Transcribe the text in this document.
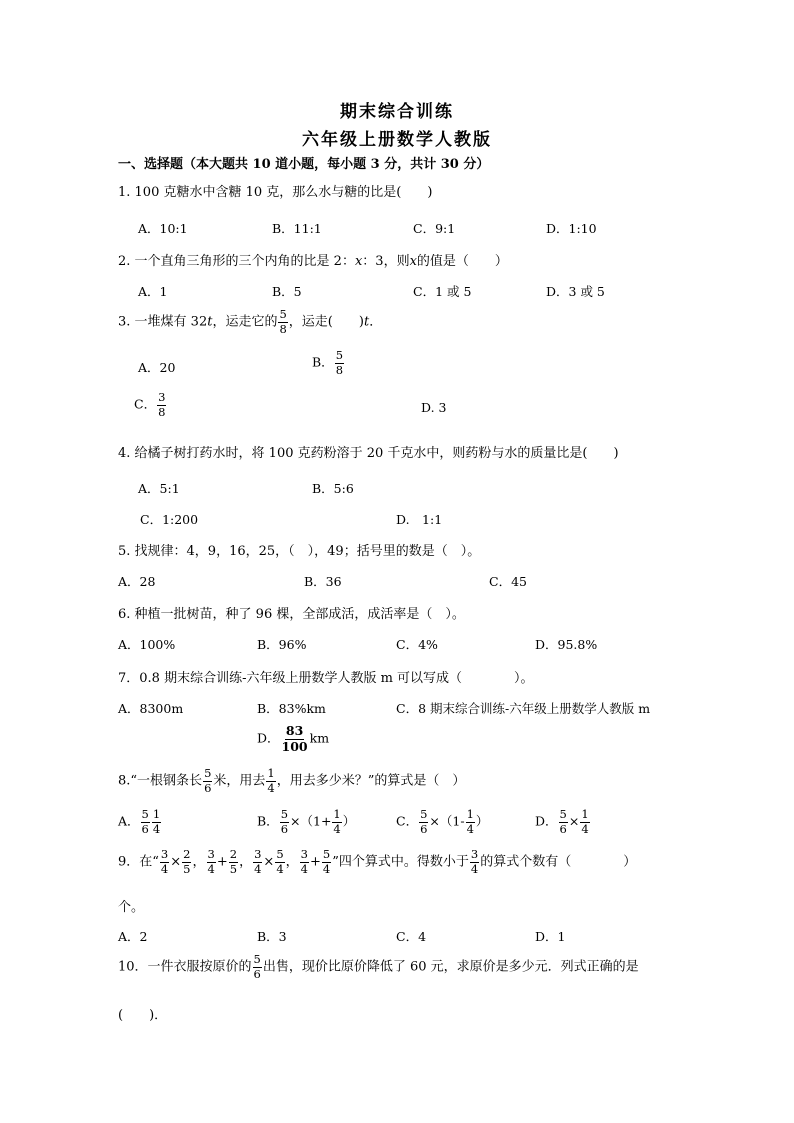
期末综合训练
六年级上册数学人教版
一、选择题（本大题共 10 道小题，每小题 3 分，共计 30 分）
1. 100 克糖水中含糖 10 克，那么水与糖的比是(　　)
A．10:1	B．11:1	C．9:1	D．1:10
2. 一个直角三角形的三个内角的比是 2：x：3，则x的值是（　　）
A．1	B．5	C．1 或 5	D．3 或 5
3. 一堆煤有 32t，运走它的 $\frac{5}{8}$ ，运走(　　)t．
A．20	B． $\frac{5}{8}$
C． $\frac{3}{8}$	D. 3
4. 给橘子树打药水时，将 100 克药粉溶于 20 千克水中，则药粉与水的质量比是(　　)
A．5:1	B．5:6
C．1:200	D.　1:1
5. 找规律：4，9，16，25，（　），49；括号里的数是（　）。
A．28	B．36	C．45
6. 种植一批树苗，种了 96 棵，全部成活，成活率是（　）。
A．100%	B．96%	C．4%	D．95.8%
7．0.8 期末综合训练-六年级上册数学人教版 m 可以写成（　　　　）。
A．8300m	B．83%km	C．8 期末综合训练-六年级上册数学人教版 m
D． $\frac{83}{100}$ km
8.“一根钢条长 $\frac{5}{6}$ 米，用去 $\frac{1}{4}$ ，用去多少米？”的算式是（　）
A． $\frac{5}{6} \frac{1}{4}$	B． $\frac{5}{6} \times(1+ \frac{1}{4}$ ）	C． $\frac{5}{6} \times(1- \frac{1}{4}$ ）	D． $\frac{5}{6} \times \frac{1}{4}$
9．在“ $\frac{3}{4} \times \frac{2}{5}$ ， $\frac{3}{4} + \frac{2}{5}$ ， $\frac{3}{4} \times \frac{5}{4}$ ， $\frac{3}{4} + \frac{5}{4}$ ”四个算式中。得数小于 $\frac{3}{4}$ 的算式个数有（　　　　）
个。
A．2	B．3	C．4	D．1
10．一件衣服按原价的 $\frac{5}{6}$ 出售，现价比原价降低了 60 元，求原价是多少元．列式正确的是
(　　)．
